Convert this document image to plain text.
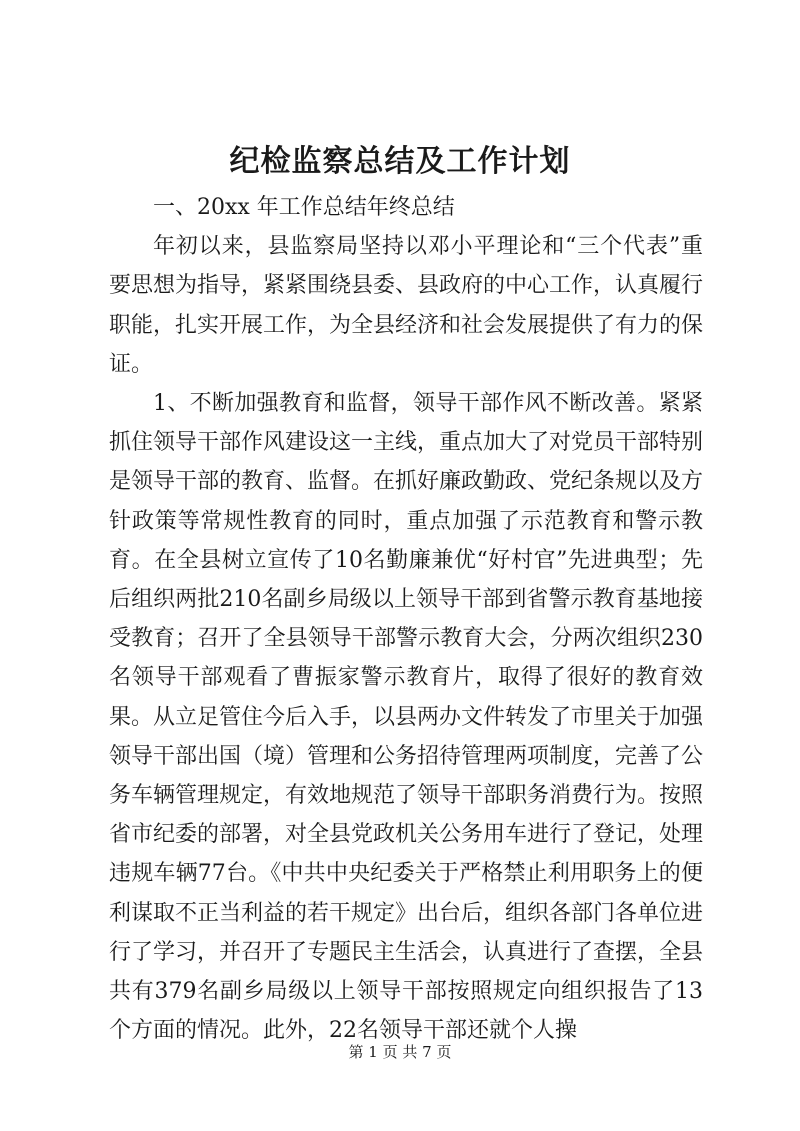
纪检监察总结及工作计划

一、20xx 年工作总结年终总结

年初以来，县监察局坚持以邓小平理论和“三个代表”重要思想为指导，紧紧围绕县委、县政府的中心工作，认真履行职能，扎实开展工作，为全县经济和社会发展提供了有力的保证。

1、不断加强教育和监督，领导干部作风不断改善。紧紧抓住领导干部作风建设这一主线，重点加大了对党员干部特别是领导干部的教育、监督。在抓好廉政勤政、党纪条规以及方针政策等常规性教育的同时，重点加强了示范教育和警示教育。在全县树立宣传了10名勤廉兼优“好村官”先进典型；先后组织两批210名副乡局级以上领导干部到省警示教育基地接受教育；召开了全县领导干部警示教育大会，分两次组织230名领导干部观看了曹振家警示教育片，取得了很好的教育效果。从立足管住今后入手，以县两办文件转发了市里关于加强领导干部出国（境）管理和公务招待管理两项制度，完善了公务车辆管理规定，有效地规范了领导干部职务消费行为。按照省市纪委的部署，对全县党政机关公务用车进行了登记，处理违规车辆77台。《中共中央纪委关于严格禁止利用职务上的便利谋取不正当利益的若干规定》出台后，组织各部门各单位进行了学习，并召开了专题民主生活会，认真进行了查摆，全县共有379名副乡局级以上领导干部按照规定向组织报告了13个方面的情况。此外，22名领导干部还就个人操

第 1 页 共 7 页
